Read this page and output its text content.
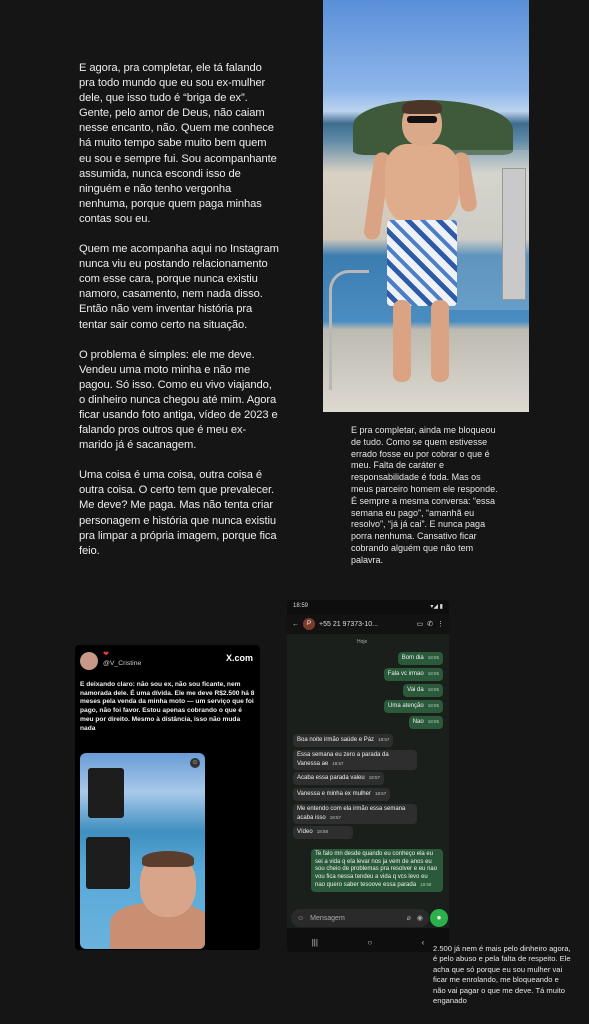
E agora, pra completar, ele tá falando pra todo mundo que eu sou ex-mulher dele, que isso tudo é “briga de ex”. Gente, pelo amor de Deus, não caiam nesse encanto, não. Quem me conhece há muito tempo sabe muito bem quem eu sou e sempre fui. Sou acompanhante assumida, nunca escondi isso de ninguém e não tenho vergonha nenhuma, porque quem paga minhas contas sou eu.

Quem me acompanha aqui no Instagram nunca viu eu postando relacionamento com esse cara, porque nunca existiu namoro, casamento, nem nada disso. Então não vem inventar história pra tentar sair como certo na situação.

O problema é simples: ele me deve. Vendeu uma moto minha e não me pagou. Só isso. Como eu vivo viajando, o dinheiro nunca chegou até mim. Agora ficar usando foto antiga, vídeo de 2023 e falando pros outros que é meu ex-marido já é sacanagem.

Uma coisa é uma coisa, outra coisa é outra coisa. O certo tem que prevalecer. Me deve? Me paga. Mas não tenta criar personagem e história que nunca existiu pra limpar a própria imagem, porque fica feio.

E pra completar, ainda me bloqueou de tudo. Como se quem estivesse errado fosse eu por cobrar o que é meu. Falta de caráter e responsabilidade é foda. Mas os meus parceiro homem ele responde. É sempre a mesma conversa: “essa semana eu pago”, “amanhã eu resolvo”, “já já cai”. E nunca paga porra nenhuma. Cansativo ficar cobrando alguém que não tem palavra.
❤
@V_Cristine
X.com
E deixando claro: não sou ex, não sou ficante, nem namorada dele. É uma dívida. Ele me deve R$2.500 há 8 meses pela venda da minha moto — um serviço que foi pago, não foi favor. Estou apenas cobrando o que é meu por direito. Mesmo à distância, isso não muda nada
☺
18:59	▾◢ ▮
←	P	+55 21 97373-10...	▭ ✆ ⋮
Hoje
Bom dia 18:55
Fala vc irmao 18:55
Vai da 18:55
Uma atenção 18:55
Nao 18:55
Boa noite irmão saúde e Páz 18:57
Essa semana eu zero a parada da Vanessa ae 18:57
Acaba essa parada valeu 18:57
Vanessa e minha ex mulher 18:57
Me entendo com ela irmão essa semana acaba isso 18:57
Vídeo 18:58
Te falo mn desde quando eu conheço ela eu sei a vida q ela levar nos ja vem de anos eu sou cheio de problemas pra resolver e eu nao vou fica nessa tendeu a vida q vcs levo eu nao quero saber tesoove essa parada 18:58
☺ Mensagem	⌀ ◉	●
|||	○	‹
2.500 já nem é mais pelo dinheiro agora, é pelo abuso e pela falta de respeito. Ele acha que só porque eu sou mulher vai ficar me enrolando, me bloqueando e não vai pagar o que me deve. Tá muito enganado
